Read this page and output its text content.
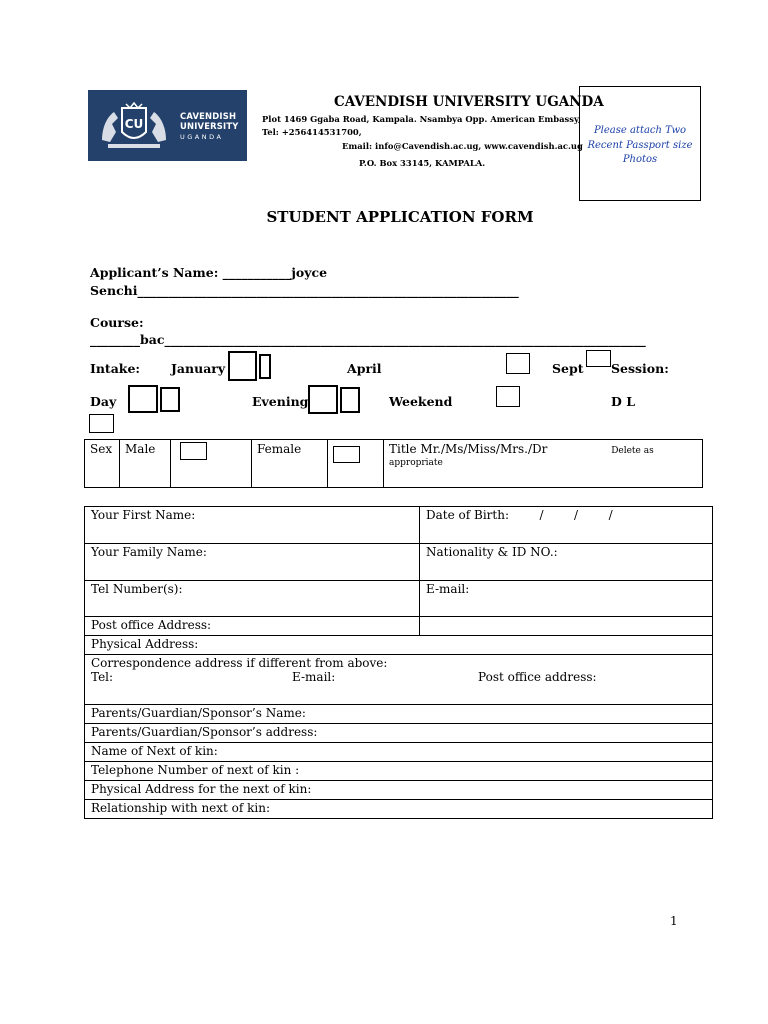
CU
CAVENDISH
UNIVERSITY
UGANDA
CAVENDISH UNIVERSITY UGANDA
Plot 1469 Ggaba Road, Kampala. Nsambya Opp. American Embassy,
Tel: +256414531700,
Email: info@Cavendish.ac.ug, www.cavendish.ac.ug
P.O. Box 33145, KAMPALA.
Please attach Two Recent Passport size Photos
STUDENT APPLICATION FORM
Applicant’s Name: ___________joyce
Senchi_____________________________________________________________
Course:
________bac_____________________________________________________________________________
Intake: January	April	Sept Session:
Day	Evening	Weekend	D L
Sex	Male		Female		Title Mr./Ms/Miss/Mrs./Dr	Delete as
appropriate
Your First Name:	Date of Birth:        /        /        /
Your Family Name:	Nationality & ID NO.:
Tel Number(s):	E-mail:
Post office Address:	
Physical Address:	

Correspondence address if different from above:
Tel: E-mail: Post office address:	

Parents/Guardian/Sponsor’s Name:	
Parents/Guardian/Sponsor’s address:	
Name of Next of kin:	
Telephone Number of next of kin :	
Physical Address for the next of kin:	
Relationship with next of kin:	
1
